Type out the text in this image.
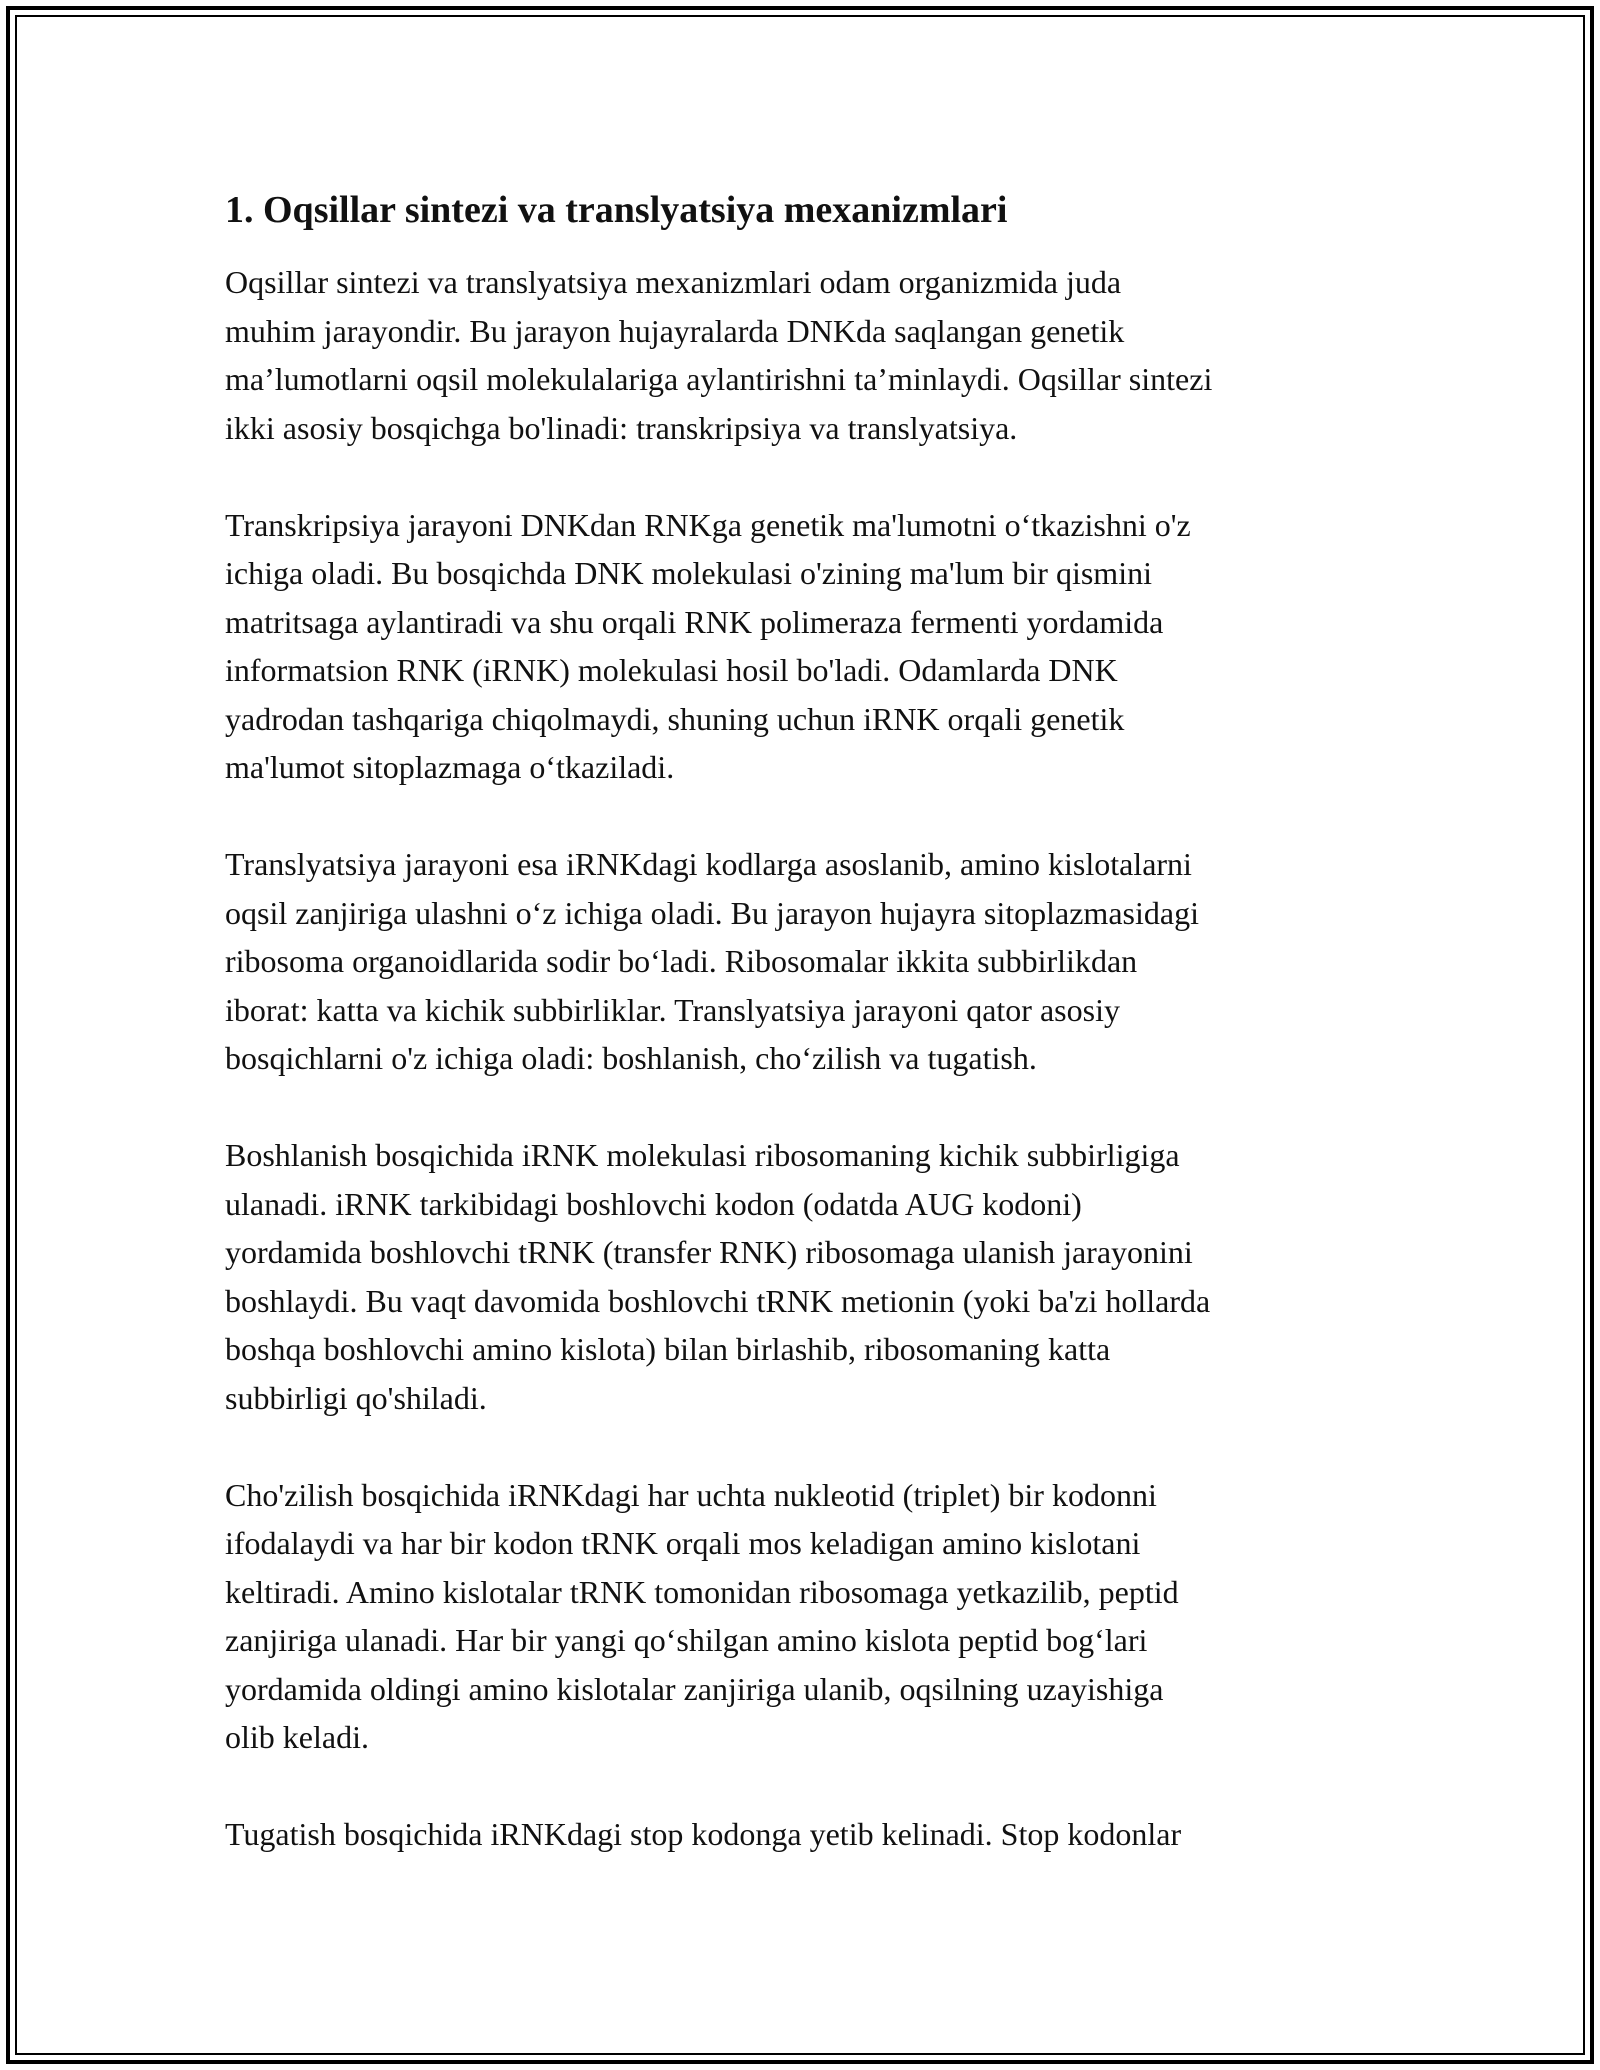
1. Oqsillar sintezi va translyatsiya mexanizmlari
Oqsillar sintezi va translyatsiya mexanizmlari odam organizmida juda
muhim jarayondir. Bu jarayon hujayralarda DNKda saqlangan genetik
ma’lumotlarni oqsil molekulalariga aylantirishni ta’minlaydi. Oqsillar sintezi
ikki asosiy bosqichga bo'linadi: transkripsiya va translyatsiya.
Transkripsiya jarayoni DNKdan RNKga genetik ma'lumotni oʻtkazishni o'z
ichiga oladi. Bu bosqichda DNK molekulasi o'zining ma'lum bir qismini
matritsaga aylantiradi va shu orqali RNK polimeraza fermenti yordamida
informatsion RNK (iRNK) molekulasi hosil bo'ladi. Odamlarda DNK
yadrodan tashqariga chiqolmaydi, shuning uchun iRNK orqali genetik
ma'lumot sitoplazmaga oʻtkaziladi.
Translyatsiya jarayoni esa iRNKdagi kodlarga asoslanib, amino kislotalarni
oqsil zanjiriga ulashni oʻz ichiga oladi. Bu jarayon hujayra sitoplazmasidagi
ribosoma organoidlarida sodir boʻladi. Ribosomalar ikkita subbirlikdan
iborat: katta va kichik subbirliklar. Translyatsiya jarayoni qator asosiy
bosqichlarni o'z ichiga oladi: boshlanish, choʻzilish va tugatish.
Boshlanish bosqichida iRNK molekulasi ribosomaning kichik subbirligiga
ulanadi. iRNK tarkibidagi boshlovchi kodon (odatda AUG kodoni)
yordamida boshlovchi tRNK (transfer RNK) ribosomaga ulanish jarayonini
boshlaydi. Bu vaqt davomida boshlovchi tRNK metionin (yoki ba'zi hollarda
boshqa boshlovchi amino kislota) bilan birlashib, ribosomaning katta
subbirligi qo'shiladi.
Cho'zilish bosqichida iRNKdagi har uchta nukleotid (triplet) bir kodonni
ifodalaydi va har bir kodon tRNK orqali mos keladigan amino kislotani
keltiradi. Amino kislotalar tRNK tomonidan ribosomaga yetkazilib, peptid
zanjiriga ulanadi. Har bir yangi qoʻshilgan amino kislota peptid bogʻlari
yordamida oldingi amino kislotalar zanjiriga ulanib, oqsilning uzayishiga
olib keladi.
Tugatish bosqichida iRNKdagi stop kodonga yetib kelinadi. Stop kodonlar
